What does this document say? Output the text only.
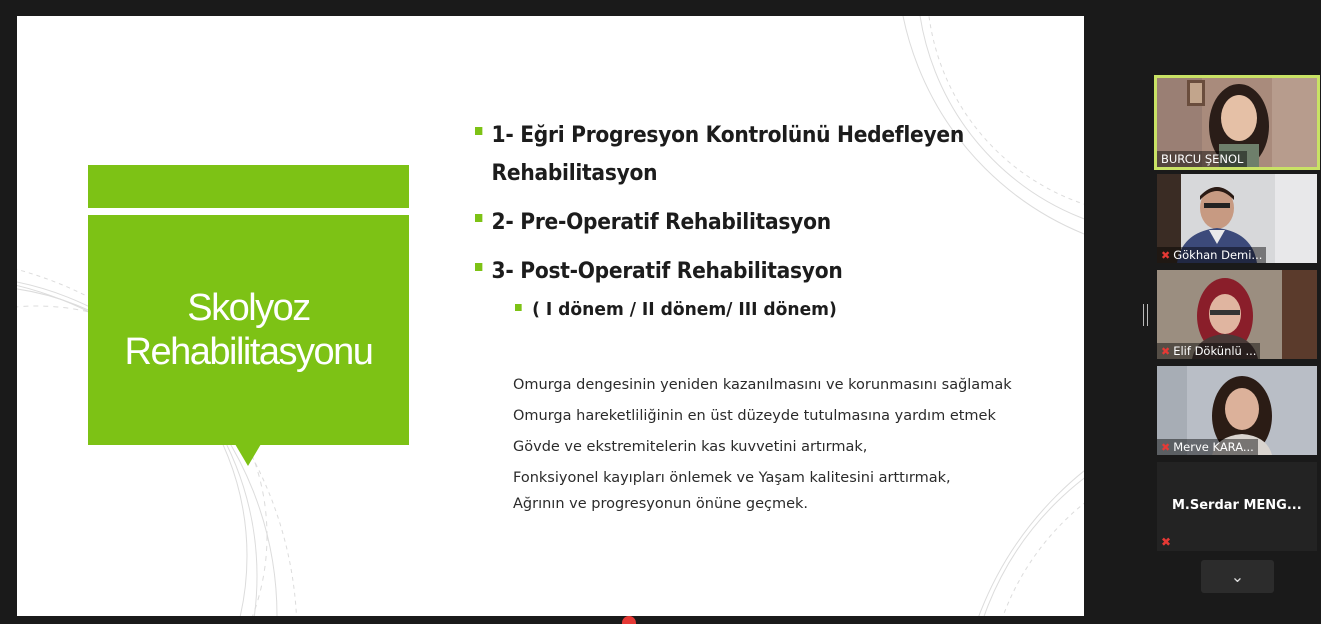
Skolyoz
Rehabilitasyonu
1- Eğri Progresyon Kontrolünü Hedefleyen
Rehabilitasyon
2- Pre-Operatif Rehabilitasyon
3- Post-Operatif Rehabilitasyon
( I dönem / II dönem/ III dönem)
Omurga dengesinin yeniden kazanılmasını ve korunmasını sağlamak
Omurga hareketliliğinin en üst düzeyde tutulmasına yardım etmek
Gövde ve ekstremitelerin kas kuvvetini artırmak,
Fonksiyonel kayıpları önlemek ve Yaşam kalitesini arttırmak, Ağrının ve progresyonun önüne geçmek.
BURCU ŞENOL
✖ Gökhan Demi...
✖ Elif Dökünlü ...
✖ Merve KARA...
M.Serdar MENG...
✖
⌄
